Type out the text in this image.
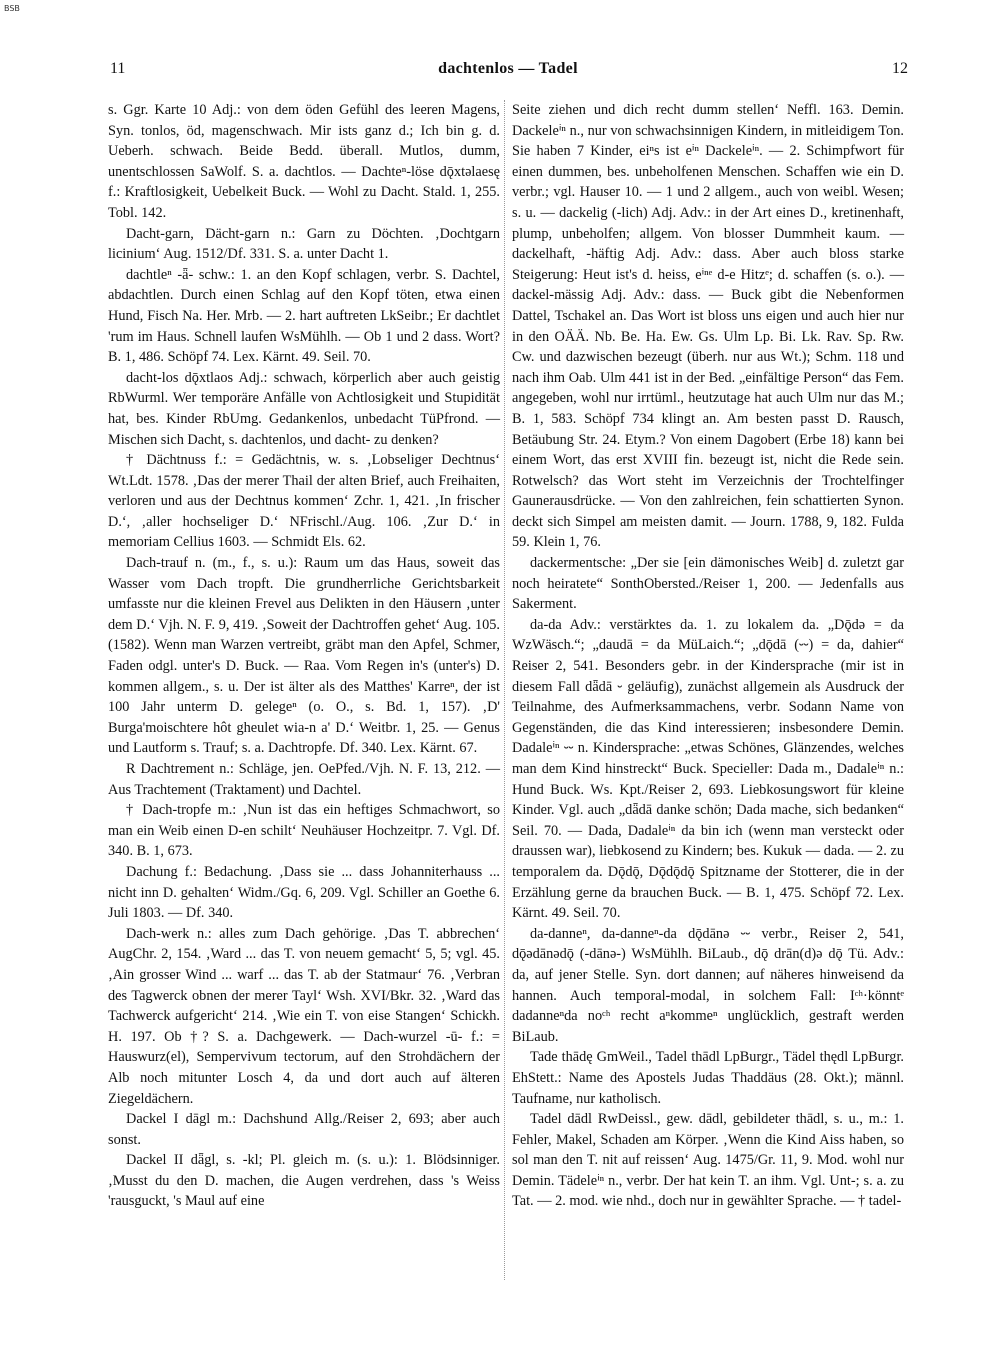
BSB
11	dachtenlos — Tadel	12

s. Ggr. Karte 10 Adj.: von dem öden Gefühl des leeren Magens, Syn. tonlos, öd, magenschwach. Mir ists ganz d.; Ich bin g. d. Ueberh. schwach. Beide Bedd. überall. Mutlos, dumm, unentschlossen SaWolf. S. a. dachtlos. — Dachteⁿ-löse dǭxtəlaesę f.: Kraftlosigkeit, Uebelkeit Buck. — Wohl zu Dacht. Stald. 1, 255. Tobl. 142.

Dacht-garn, Dächt-garn n.: Garn zu Döchten. ‚Dochtgarn licinium‘ Aug. 1512/Df. 331. S. a. unter Dacht 1.

dachtleⁿ -ǟ- schw.: 1. an den Kopf schlagen, verbr. S. Dachtel, abdachtlen. Durch einen Schlag auf den Kopf töten, etwa einen Hund, Fisch Na. Her. Mrb. — 2. hart auftreten LkSeibr.; Er dachtlet 'rum im Haus. Schnell laufen WsMühlh. — Ob 1 und 2 dass. Wort? B. 1, 486. Schöpf 74. Lex. Kärnt. 49. Seil. 70.

dacht-los dǭxtlaos Adj.: schwach, körperlich aber auch geistig RbWurml. Wer temporäre Anfälle von Achtlosigkeit und Stupidität hat, bes. Kinder RbUmg. Gedankenlos, unbedacht TüPfrond. — Mischen sich Dacht, s. dachtenlos, und dacht- zu denken?

† Dächtnuss f.: = Gedächtnis, w. s. ‚Lobseliger Dechtnus‘ Wt.Ldt. 1578. ‚Das der merer Thail der alten Brief, auch Freihaiten, verloren und aus der Dechtnus kommen‘ Zchr. 1, 421. ‚In frischer D.‘, ‚aller hochseliger D.‘ NFrischl./Aug. 106. ‚Zur D.‘ in memoriam Cellius 1603. — Schmidt Els. 62.

Dach-trauf n. (m., f., s. u.): Raum um das Haus, soweit das Wasser vom Dach tropft. Die grundherrliche Gerichtsbarkeit umfasste nur die kleinen Frevel aus Delikten in den Häusern ‚unter dem D.‘ Vjh. N. F. 9, 419. ‚Soweit der Dachtroffen gehet‘ Aug. 105. (1582). Wenn man Warzen vertreibt, gräbt man den Apfel, Schmer, Faden odgl. unter's D. Buck. — Raa. Vom Regen in's (unter's) D. kommen allgem., s. u. Der ist älter als des Matthes' Karreⁿ, der ist 100 Jahr unterm D. gelegeⁿ (o. O., s. Bd. 1, 157). ‚D' Burga'moischtere hôt gheulet wia-n a' D.‘ Weitbr. 1, 25. — Genus und Lautform s. Trauf; s. a. Dachtropfe. Df. 340. Lex. Kärnt. 67.

R Dachtrement n.: Schläge, jen. OePfed./Vjh. N. F. 13, 212. — Aus Trachtement (Traktament) und Dachtel.

† Dach-tropfe m.: ‚Nun ist das ein heftiges Schmachwort, so man ein Weib einen D-en schilt‘ Neuhäuser Hochzeitpr. 7. Vgl. Df. 340. B. 1, 673.

Dachung f.: Bedachung. ‚Dass sie ... dass Johanniterhauss ... nicht inn D. gehalten‘ Widm./Gq. 6, 209. Vgl. Schiller an Goethe 6. Juli 1803. — Df. 340.

Dach-werk n.: alles zum Dach gehörige. ‚Das T. abbrechen‘ AugChr. 2, 154. ‚Ward ... das T. von neuem gemacht‘ 5, 5; vgl. 45. ‚Ain grosser Wind ... warf ... das T. ab der Statmaur‘ 76. ‚Verbran des Tagwerck obnen der merer Tayl‘ Wsh. XVI/Bkr. 32. ‚Ward das Tachwerck aufgericht‘ 214. ‚Wie ein T. von eise Stangen‘ Schickh. H. 197. Ob †? S. a. Dachgewerk. — Dach-wurzel -ū- f.: = Hauswurz(el), Sempervivum tectorum, auf den Strohdächern der Alb noch mitunter Losch 4, da und dort auch auf älteren Ziegeldächern.

Dackel I dāgl m.: Dachshund Allg./Reiser 2, 693; aber auch sonst.

Dackel II dǟgl, s. -kl; Pl. gleich m. (s. u.): 1. Blödsinniger. ‚Musst du den D. machen, die Augen verdrehen, dass 's Weiss 'rausguckt, 's Maul auf eine

Seite ziehen und dich recht dumm stellen‘ Neffl. 163. Demin. Dackeleⁱⁿ n., nur von schwachsinnigen Kindern, in mitleidigem Ton. Sie haben 7 Kinder, eiⁿs ist eⁱⁿ Dackeleⁱⁿ. — 2. Schimpfwort für einen dummen, bes. unbeholfenen Menschen. Schaffen wie ein D. verbr.; vgl. Hauser 10. — 1 und 2 allgem., auch von weibl. Wesen; s. u. — dackelig (-lich) Adj. Adv.: in der Art eines D., kretinenhaft, plump, unbeholfen; allgem. Von blosser Dummheit kaum. — dackelhaft, -häftig Adj. Adv.: dass. Aber auch bloss starke Steigerung: Heut ist's d. heiss, eⁱⁿᵉ d-e Hitzᵉ; d. schaffen (s. o.). — dackel-mässig Adj. Adv.: dass. — Buck gibt die Nebenformen Dattel, Tschakel an. Das Wort ist bloss uns eigen und auch hier nur in den OÄÄ. Nb. Be. Ha. Ew. Gs. Ulm Lp. Bi. Lk. Rav. Sp. Rw. Cw. und dazwischen bezeugt (überh. nur aus Wt.); Schm. 118 und nach ihm Oab. Ulm 441 ist in der Bed. „einfältige Person“ das Fem. angegeben, wohl nur irrtüml., heutzutage hat auch Ulm nur das M.; B. 1, 583. Schöpf 734 klingt an. Am besten passt D. Rausch, Betäubung Str. 24. Etym.? Von einem Dagobert (Erbe 18) kann bei einem Wort, das erst XVIII fin. bezeugt ist, nicht die Rede sein. Rotwelsch? das Wort steht im Verzeichnis der Trochtelfinger Gaunerausdrücke. — Von den zahlreichen, fein schattierten Synon. deckt sich Simpel am meisten damit. — Journ. 1788, 9, 182. Fulda 59. Klein 1, 76.

dackermentsche: „Der sie [ein dämonisches Weib] d. zuletzt gar noch heiratete“ SonthObersted./Reiser 1, 200. — Jedenfalls aus Sakerment.

da-da Adv.: verstärktes da. 1. zu lokalem da. „Dǭdə = da WzWäsch.“; „daudā = da MüLaich.“; „dǭdā (⏑⏑) = da, dahier“ Reiser 2, 541. Besonders gebr. in der Kindersprache (mir ist in diesem Fall dǟdā ⏑ geläufig), zunächst allgemein als Ausdruck der Teilnahme, des Aufmerksammachens, verbr. Sodann Name von Gegenständen, die das Kind interessieren; insbesondere Demin. Dadaleⁱⁿ ⏑⏑ n. Kindersprache: „etwas Schönes, Glänzendes, welches man dem Kind hinstreckt“ Buck. Specieller: Dada m., Dadaleⁱⁿ n.: Hund Buck. Ws. Kpt./Reiser 2, 693. Liebkosungswort für kleine Kinder. Vgl. auch „dǟdā danke schön; Dada mache, sich bedanken“ Seil. 70. — Dada, Dadaleⁱⁿ da bin ich (wenn man versteckt oder draussen war), liebkosend zu Kindern; bes. Kukuk — dada. — 2. zu temporalem da. Dǭdǭ, Dǭdǭdǭ Spitzname der Stotterer, die in der Erzählung gerne da brauchen Buck. — B. 1, 475. Schöpf 72. Lex. Kärnt. 49. Seil. 70.

da-danneⁿ, da-danneⁿ-da dǭdānə ⏑⏑ verbr., Reiser 2, 541, dǭədānədǭ (-dānə-) WsMühlh. BiLaub., dǭ drān(d)ə dǭ Tü. Adv.: da, auf jener Stelle. Syn. dort dannen; auf näheres hinweisend da hannen. Auch temporal-modal, in solchem Fall: Iᶜʰ·könntᵉ dadanneⁿda noᶜʰ recht aⁿkommeⁿ unglücklich, gestraft werden BiLaub.

Tade thādę GmWeil., Tadel thādl LpBurgr., Tädel thędl LpBurgr. EhStett.: Name des Apostels Judas Thaddäus (28. Okt.); männl. Taufname, nur katholisch.

Tadel dādl RwDeissl., gew. dādl, gebildeter thādl, s. u., m.: 1. Fehler, Makel, Schaden am Körper. ‚Wenn die Kind Aiss haben, so sol man den T. nit auf reissen‘ Aug. 1475/Gr. 11, 9. Mod. wohl nur Demin. Tädeleⁱⁿ n., verbr. Der hat kein T. an ihm. Vgl. Unt-; s. a. zu Tat. — 2. mod. wie nhd., doch nur in gewählter Sprache. — † tadel-
